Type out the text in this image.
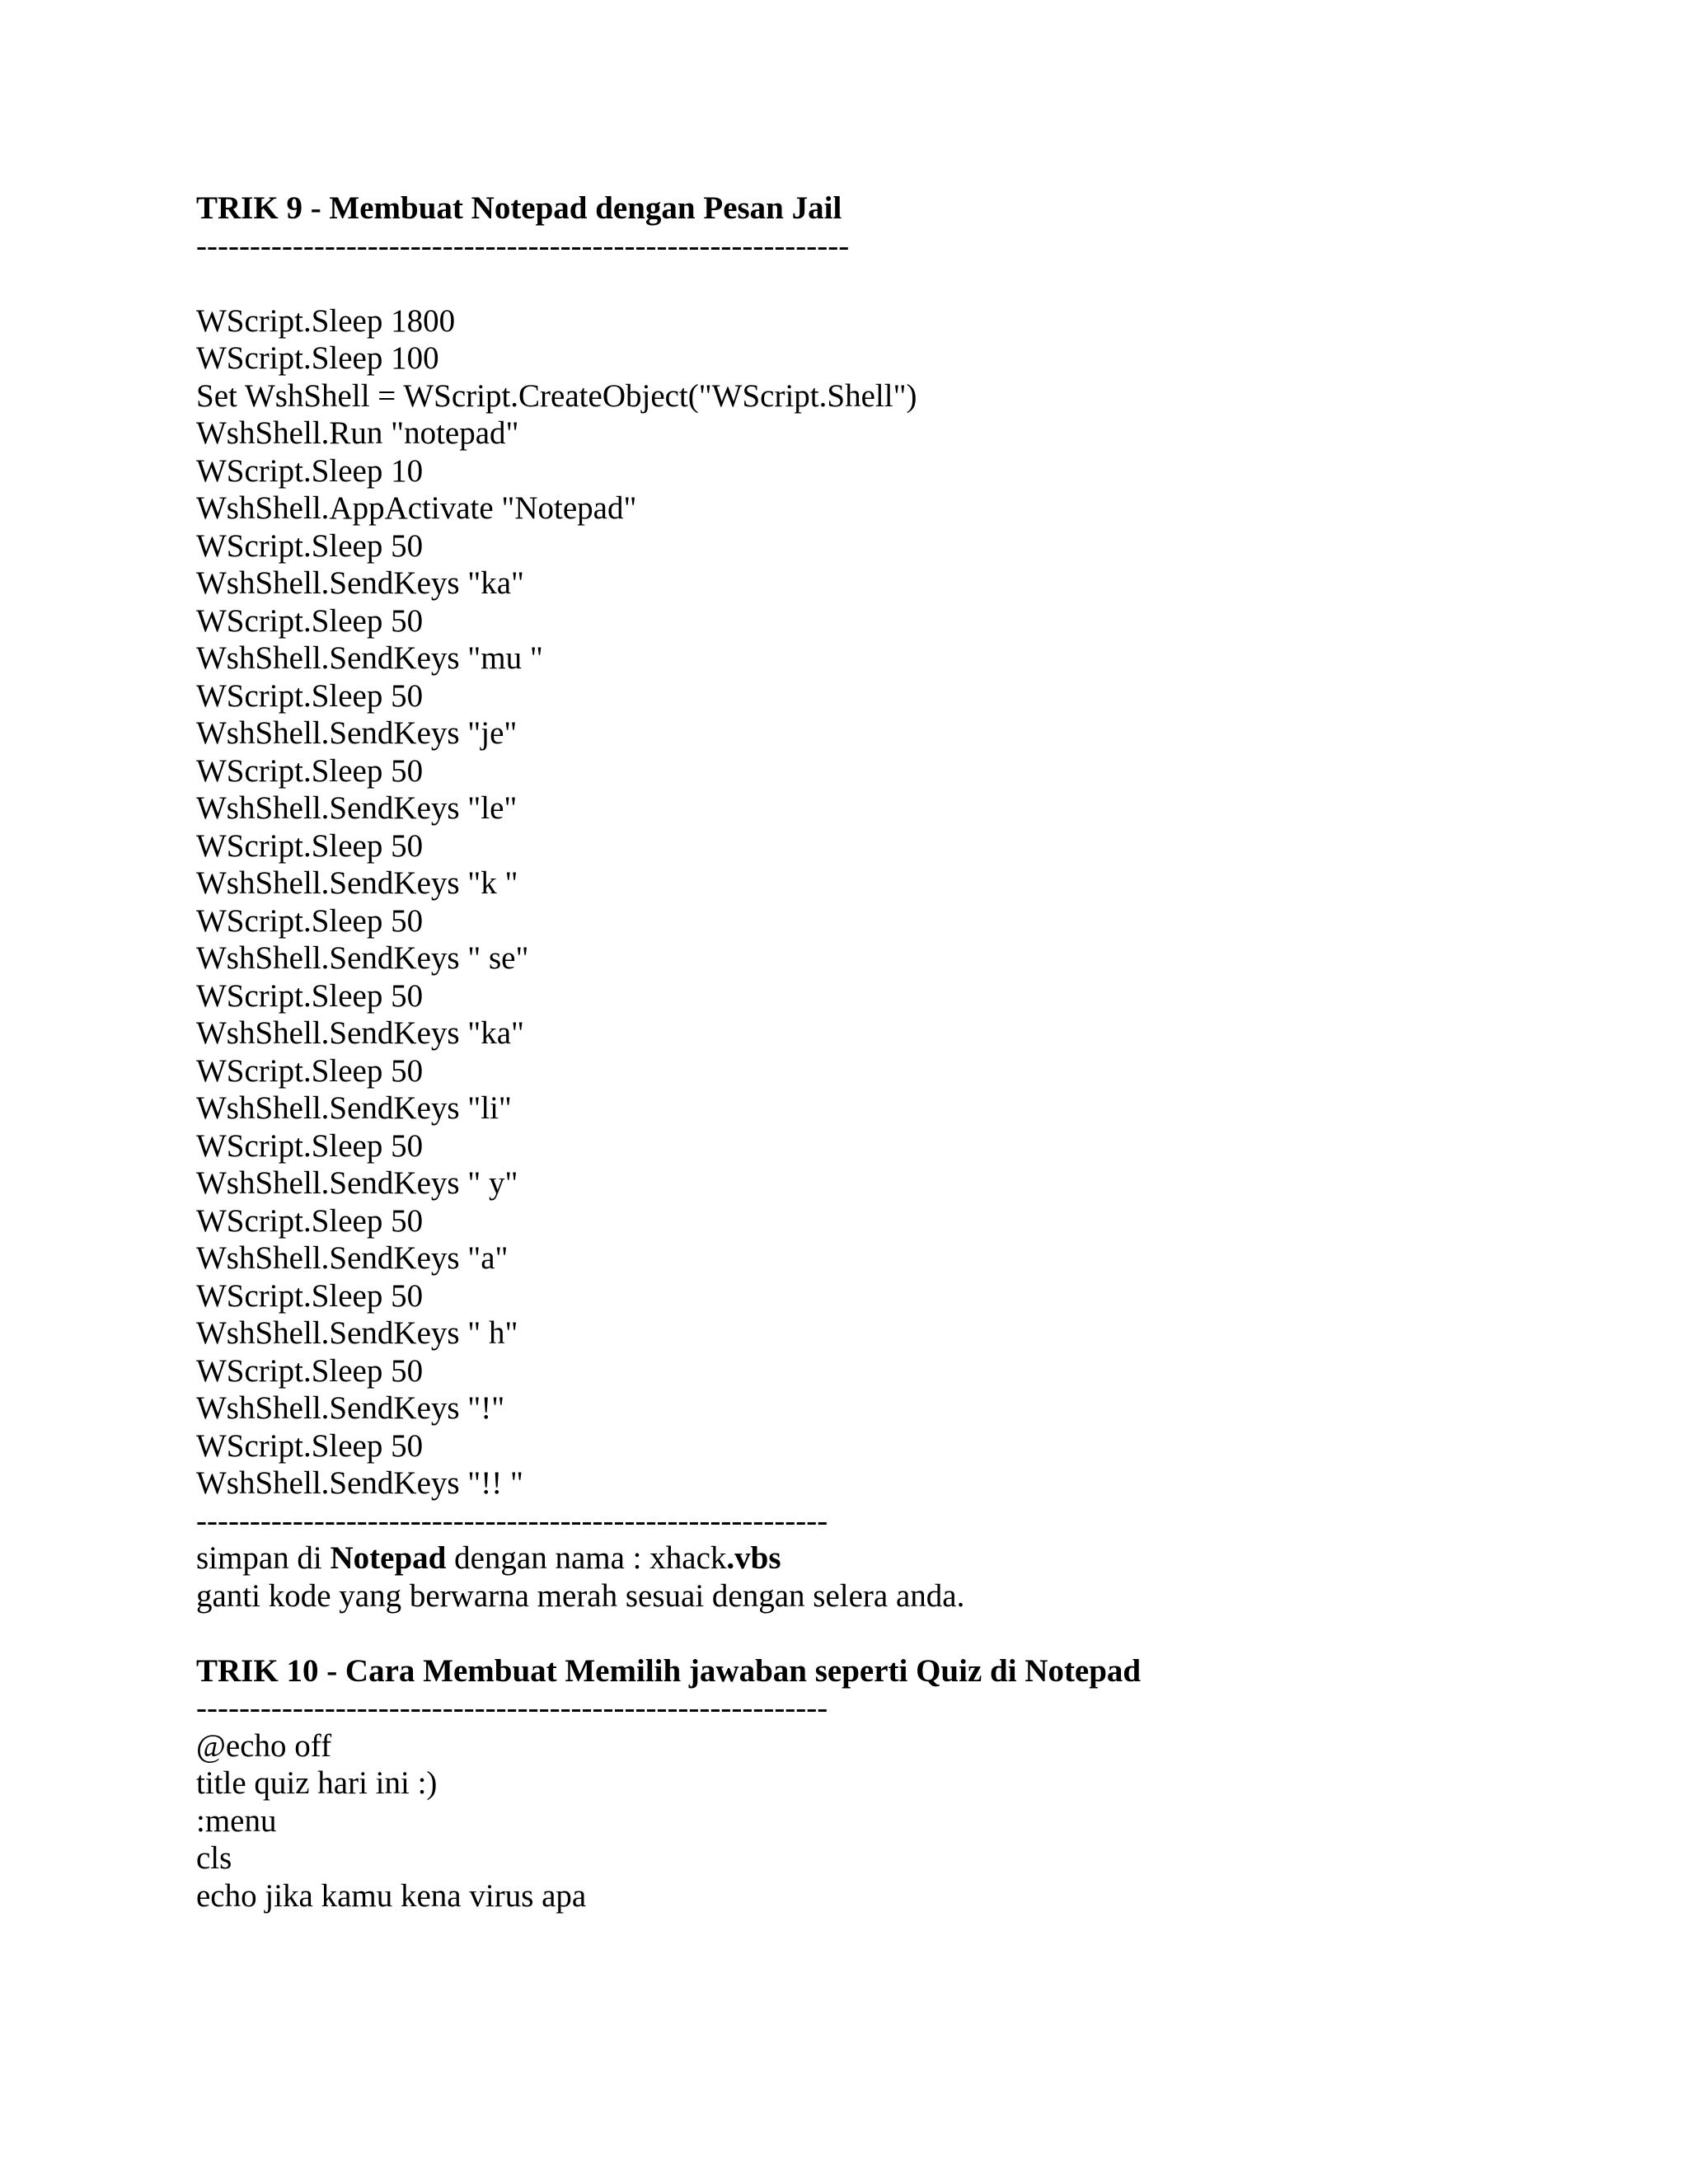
TRIK 9 - Membuat Notepad dengan Pesan Jail
-------------------------------------------------------------
WScript.Sleep 1800
WScript.Sleep 100
Set WshShell = WScript.CreateObject("WScript.Shell")
WshShell.Run "notepad"
WScript.Sleep 10
WshShell.AppActivate "Notepad"
WScript.Sleep 50
WshShell.SendKeys "ka"
WScript.Sleep 50
WshShell.SendKeys "mu "
WScript.Sleep 50
WshShell.SendKeys "je"
WScript.Sleep 50
WshShell.SendKeys "le"
WScript.Sleep 50
WshShell.SendKeys "k "
WScript.Sleep 50
WshShell.SendKeys " se"
WScript.Sleep 50
WshShell.SendKeys "ka"
WScript.Sleep 50
WshShell.SendKeys "li"
WScript.Sleep 50
WshShell.SendKeys " y"
WScript.Sleep 50
WshShell.SendKeys "a"
WScript.Sleep 50
WshShell.SendKeys " h"
WScript.Sleep 50
WshShell.SendKeys "!"
WScript.Sleep 50
WshShell.SendKeys "!! "
-----------------------------------------------------------
simpan di Notepad dengan nama : xhack.vbs
ganti kode yang berwarna merah sesuai dengan selera anda.
TRIK 10 - Cara Membuat Memilih jawaban seperti Quiz di Notepad
-----------------------------------------------------------
@echo off
title quiz hari ini :)
:menu
cls
echo jika kamu kena virus apa
